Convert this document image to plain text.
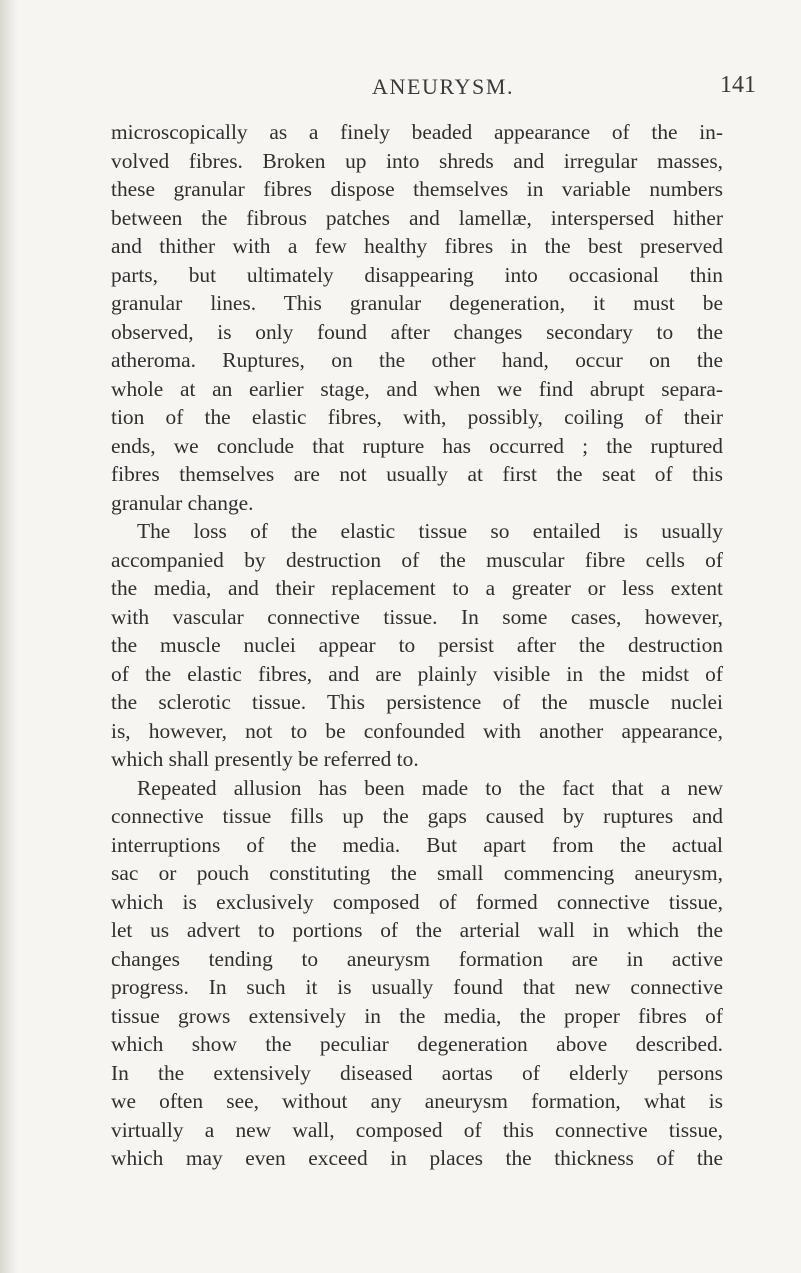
ANEURYSM.	141
microscopically as a finely beaded appearance of the in-
volved fibres. Broken up into shreds and irregular masses,
these granular fibres dispose themselves in variable numbers
between the fibrous patches and lamellæ, interspersed hither
and thither with a few healthy fibres in the best preserved
parts, but ultimately disappearing into occasional thin
granular lines. This granular degeneration, it must be
observed, is only found after changes secondary to the
atheroma. Ruptures, on the other hand, occur on the
whole at an earlier stage, and when we find abrupt separa-
tion of the elastic fibres, with, possibly, coiling of their
ends, we conclude that rupture has occurred ; the ruptured
fibres themselves are not usually at first the seat of this
granular change.
The loss of the elastic tissue so entailed is usually
accompanied by destruction of the muscular fibre cells of
the media, and their replacement to a greater or less extent
with vascular connective tissue. In some cases, however,
the muscle nuclei appear to persist after the destruction
of the elastic fibres, and are plainly visible in the midst of
the sclerotic tissue. This persistence of the muscle nuclei
is, however, not to be confounded with another appearance,
which shall presently be referred to.
Repeated allusion has been made to the fact that a new
connective tissue fills up the gaps caused by ruptures and
interruptions of the media. But apart from the actual
sac or pouch constituting the small commencing aneurysm,
which is exclusively composed of formed connective tissue,
let us advert to portions of the arterial wall in which the
changes tending to aneurysm formation are in active
progress. In such it is usually found that new connective
tissue grows extensively in the media, the proper fibres of
which show the peculiar degeneration above described.
In the extensively diseased aortas of elderly persons
we often see, without any aneurysm formation, what is
virtually a new wall, composed of this connective tissue,
which may even exceed in places the thickness of the
